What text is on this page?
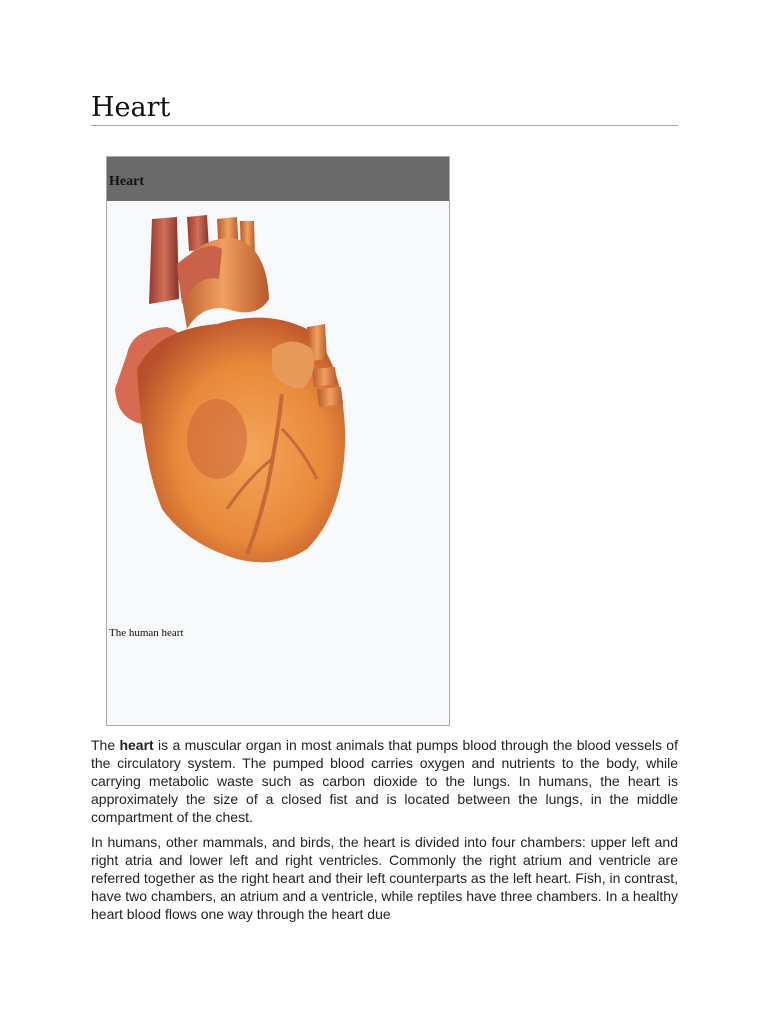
Heart
Heart
The human heart

The heart is a muscular organ in most animals that pumps blood through the blood vessels of the circulatory system. The pumped blood carries oxygen and nutrients to the body, while carrying metabolic waste such as carbon dioxide to the lungs. In humans, the heart is approximately the size of a closed fist and is located between the lungs, in the middle compartment of the chest.

In humans, other mammals, and birds, the heart is divided into four chambers: upper left and right atria and lower left and right ventricles. Commonly the right atrium and ventricle are referred together as the right heart and their left counterparts as the left heart. Fish, in contrast, have two chambers, an atrium and a ventricle, while reptiles have three chambers. In a healthy heart blood flows one way through the heart due
